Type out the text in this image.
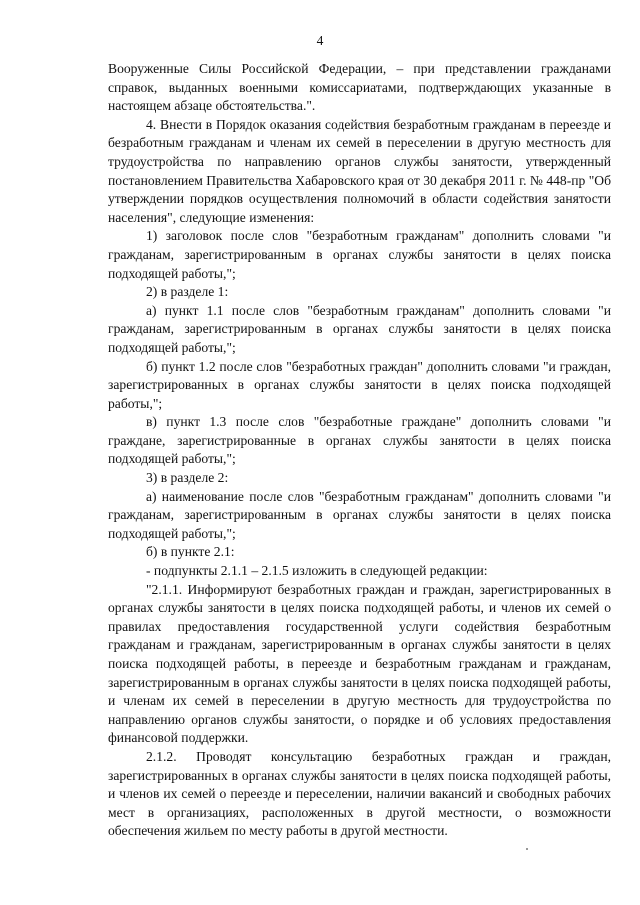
4

Вооруженные Силы Российской Федерации, – при представлении гражданами справок, выданных военными комиссариатами, подтверждающих указанные в настоящем абзаце обстоятельства.".

4. Внести в Порядок оказания содействия безработным гражданам в переезде и безработным гражданам и членам их семей в переселении в другую местность для трудоустройства по направлению органов службы занятости, утвержденный постановлением Правительства Хабаровского края от 30 декабря 2011 г. № 448-пр "Об утверждении порядков осуществления полномочий в области содействия занятости населения", следующие изменения:

1) заголовок после слов "безработным гражданам" дополнить словами "и гражданам, зарегистрированным в органах службы занятости в целях поиска подходящей работы,";

2) в разделе 1:

а) пункт 1.1 после слов "безработным гражданам" дополнить словами "и гражданам, зарегистрированным в органах службы занятости в целях поиска подходящей работы,";

б) пункт 1.2 после слов "безработных граждан" дополнить словами "и граждан, зарегистрированных в органах службы занятости в целях поиска подходящей работы,";

в) пункт 1.3 после слов "безработные граждане" дополнить словами "и граждане, зарегистрированные в органах службы занятости в целях поиска подходящей работы,";

3) в разделе 2:

а) наименование после слов "безработным гражданам" дополнить словами "и гражданам, зарегистрированным в органах службы занятости в целях поиска подходящей работы,";

б) в пункте 2.1:

- подпункты 2.1.1 – 2.1.5 изложить в следующей редакции:

"2.1.1. Информируют безработных граждан и граждан, зарегистрированных в органах службы занятости в целях поиска подходящей работы, и членов их семей о правилах предоставления государственной услуги содействия безработным гражданам и гражданам, зарегистрированным в органах службы занятости в целях поиска подходящей работы, в переезде и безработным гражданам и гражданам, зарегистрированным в органах службы занятости в целях поиска подходящей работы, и членам их семей в переселении в другую местность для трудоустройства по направлению органов службы занятости, о порядке и об условиях предоставления финансовой поддержки.

2.1.2. Проводят консультацию безработных граждан и граждан, зарегистрированных в органах службы занятости в целях поиска подходящей работы, и членов их семей о переезде и переселении, наличии вакансий и свободных рабочих мест в организациях, расположенных в другой местности, о возможности обеспечения жильем по месту работы в другой местности.
